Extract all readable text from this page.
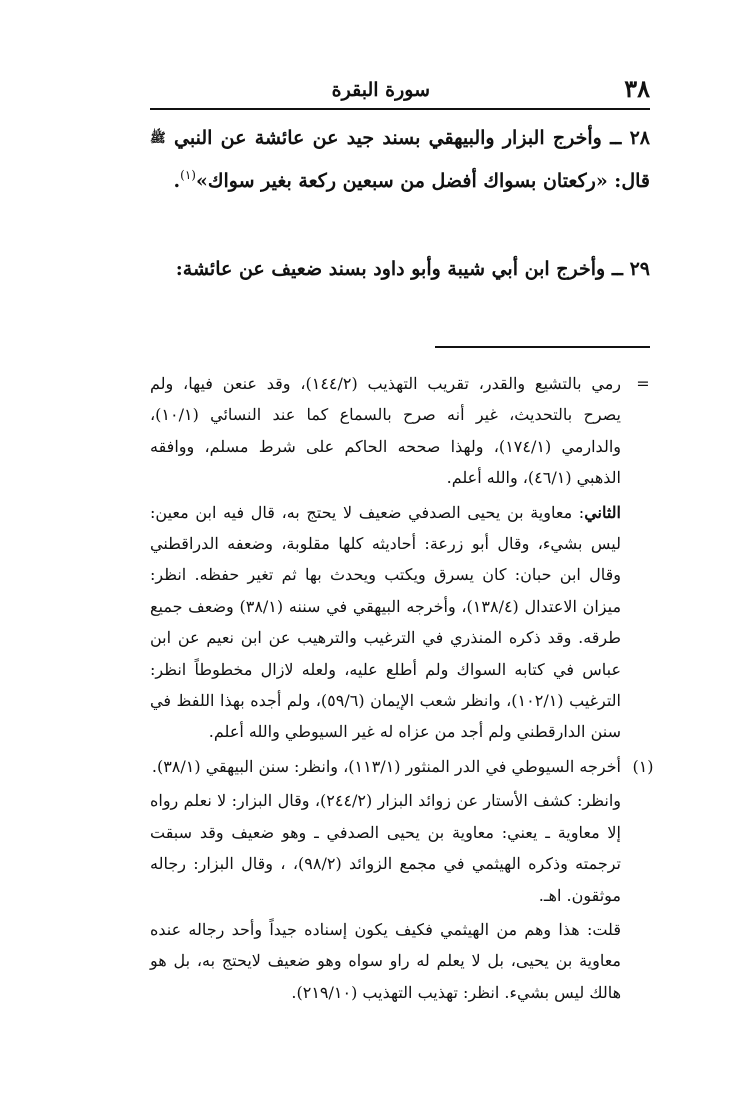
٣٨
سورة البقرة

٢٨ ــ وأخرج البزار والبيهقي بسند جيد عن عائشة عن النبي ﷺ قال: «ركعتان بسواك أفضل من سبعين ركعة بغير سواك»$^{(١)}$.

٢٩ ــ وأخرج ابن أبي شيبة وأبو داود بسند ضعيف عن عائشة:

=
رمي بالتشيع والقدر، تقريب التهذيب (١٤٤/٢)، وقد عنعن فيها، ولم يصرح بالتحديث، غير أنه صرح بالسماع كما عند النسائي (١٠/١)، والدارمي (١٧٤/١)، ولهذا صححه الحاكم على شرط مسلم، ووافقه الذهبي (٤٦/١)، والله أعلم.
الثاني: معاوية بن يحيى الصدفي ضعيف لا يحتج به، قال فيه ابن معين: ليس بشيء، وقال أبو زرعة: أحاديثه كلها مقلوبة، وضعفه الدراقطني وقال ابن حبان: كان يسرق ويكتب ويحدث بها ثم تغير حفظه. انظر: ميزان الاعتدال (١٣٨/٤)، وأخرجه البيهقي في سننه (٣٨/١) وضعف جميع طرقه. وقد ذكره المنذري في الترغيب والترهيب عن ابن نعيم عن ابن عباس في كتابه السواك ولم أطلع عليه، ولعله لازال مخطوطاً انظر: الترغيب (١٠٢/١)، وانظر شعب الإيمان (٥٩/٦)، ولم أجده بهذا اللفظ في سنن الدارقطني ولم أجد من عزاه له غير السيوطي والله أعلم.
(١)
أخرجه السيوطي في الدر المنثور (١١٣/١)، وانظر: سنن البيهقي (٣٨/١).
وانظر: كشف الأستار عن زوائد البزار (٢٤٤/٢)، وقال البزار: لا نعلم رواه إلا معاوية ـ يعني: معاوية بن يحيى الصدفي ـ وهو ضعيف وقد سبقت ترجمته وذكره الهيثمي في مجمع الزوائد (٩٨/٢)، ، وقال البزار: رجاله موثقون. اهـ.
قلت: هذا وهم من الهيثمي فكيف يكون إسناده جيداً وأحد رجاله عنده معاوية بن يحيى، بل لا يعلم له راو سواه وهو ضعيف لايحتج به، بل هو هالك ليس بشيء. انظر: تهذيب التهذيب (٢١٩/١٠).
